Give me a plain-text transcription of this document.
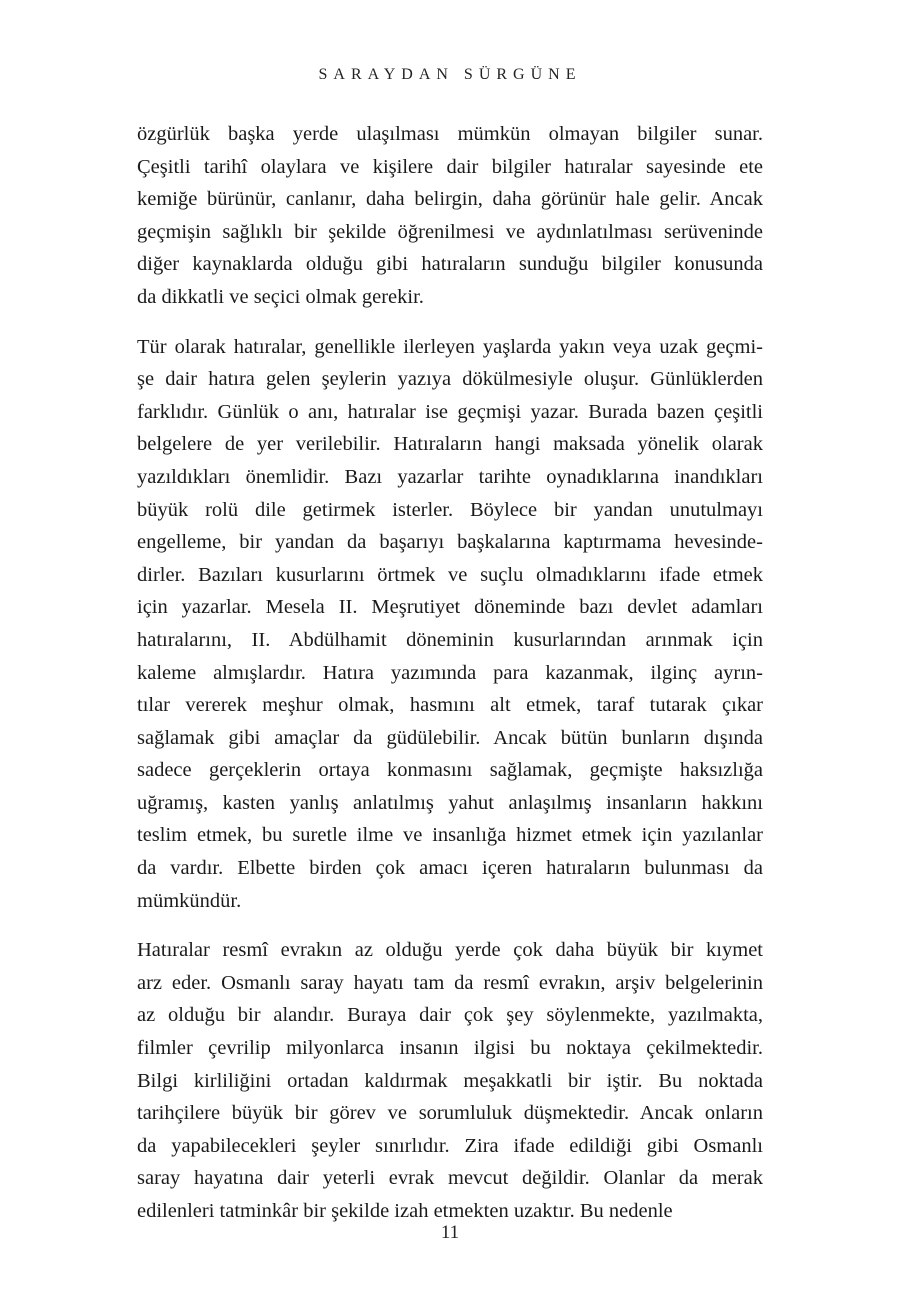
SARAYDAN SÜRGÜNE

özgürlük başka yerde ulaşılması mümkün olmayan bilgiler sunar.
Çeşitli tarihî olaylara ve kişilere dair bilgiler hatıralar sayesinde ete
kemiğe bürünür, canlanır, daha belirgin, daha görünür hale gelir. Ancak
geçmişin sağlıklı bir şekilde öğrenilmesi ve aydınlatılması serüveninde
diğer kaynaklarda olduğu gibi hatıraların sunduğu bilgiler konusunda
da dikkatli ve seçici olmak gerekir.

Tür olarak hatıralar, genellikle ilerleyen yaşlarda yakın veya uzak geçmi-
şe dair hatıra gelen şeylerin yazıya dökülmesiyle oluşur. Günlüklerden
farklıdır. Günlük o anı, hatıralar ise geçmişi yazar. Burada bazen çeşitli
belgelere de yer verilebilir. Hatıraların hangi maksada yönelik olarak
yazıldıkları önemlidir. Bazı yazarlar tarihte oynadıklarına inandıkları
büyük rolü dile getirmek isterler. Böylece bir yandan unutulmayı
engelleme, bir yandan da başarıyı başkalarına kaptırmama hevesinde-
dirler. Bazıları kusurlarını örtmek ve suçlu olmadıklarını ifade etmek
için yazarlar. Mesela II. Meşrutiyet döneminde bazı devlet adamları
hatıralarını, II. Abdülhamit döneminin kusurlarından arınmak için
kaleme almışlardır. Hatıra yazımında para kazanmak, ilginç ayrın-
tılar vererek meşhur olmak, hasmını alt etmek, taraf tutarak çıkar
sağlamak gibi amaçlar da güdülebilir. Ancak bütün bunların dışında
sadece gerçeklerin ortaya konmasını sağlamak, geçmişte haksızlığa
uğramış, kasten yanlış anlatılmış yahut anlaşılmış insanların hakkını
teslim etmek, bu suretle ilme ve insanlığa hizmet etmek için yazılanlar
da vardır. Elbette birden çok amacı içeren hatıraların bulunması da
mümkündür.

Hatıralar resmî evrakın az olduğu yerde çok daha büyük bir kıymet
arz eder. Osmanlı saray hayatı tam da resmî evrakın, arşiv belgelerinin
az olduğu bir alandır. Buraya dair çok şey söylenmekte, yazılmakta,
filmler çevrilip milyonlarca insanın ilgisi bu noktaya çekilmektedir.
Bilgi kirliliğini ortadan kaldırmak meşakkatli bir iştir. Bu noktada
tarihçilere büyük bir görev ve sorumluluk düşmektedir. Ancak onların
da yapabilecekleri şeyler sınırlıdır. Zira ifade edildiği gibi Osmanlı
saray hayatına dair yeterli evrak mevcut değildir. Olanlar da merak
edilenleri tatminkâr bir şekilde izah etmekten uzaktır. Bu nedenle

11
